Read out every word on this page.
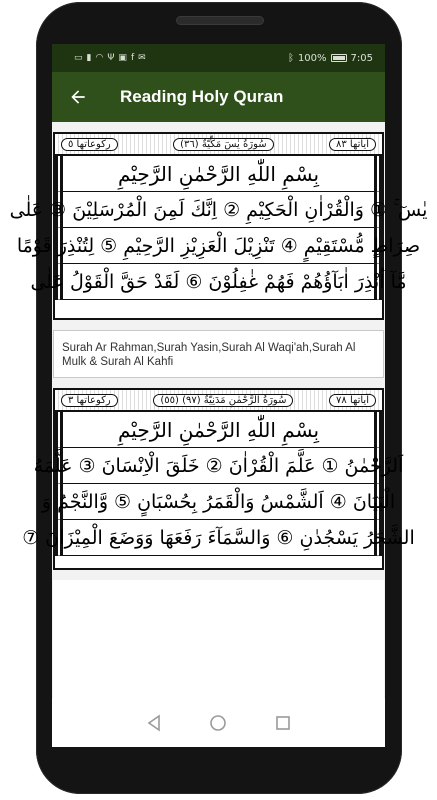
▭ ▮ ◠ Ψ ▣ f ✉	ᛒ 100% 7:05
Reading Holy Quran
ركوعاتها ٥	(٣٦) سُورَةُ يٰسٓ مَكِّيَّةٌ	آياتها ٨٣
بِسْمِ اللّٰهِ الرَّحْمٰنِ الرَّحِيْمِ
يٰسٓ ۚ ① وَالْقُرْاٰنِ الْحَكِيْمِ ② اِنَّكَ لَمِنَ الْمُرْسَلِيْنَ ③ عَلٰى
صِرَاطٍ مُّسْتَقِيْمٍ ④ تَنْزِيْلَ الْعَزِيْزِ الرَّحِيْمِ ⑤ لِتُنْذِرَ قَوْمًا
مَّآ اُنْذِرَ اٰبَآؤُهُمْ فَهُمْ غٰفِلُوْنَ ⑥ لَقَدْ حَقَّ الْقَوْلُ عَلٰى
Surah Ar Rahman,Surah Yasin,Surah Al Waqi'ah,Surah Al Mulk & Surah Al Kahfi
ركوعاتها ٣	(٥٥) سُورَةُ الرَّحْمٰنِ مَدَنِيَّةٌ (٩٧)	آياتها ٧٨
بِسْمِ اللّٰهِ الرَّحْمٰنِ الرَّحِيْمِ
اَلرَّحْمٰنُ ① عَلَّمَ الْقُرْاٰنَ ② خَلَقَ الْاِنْسَانَ ③ عَلَّمَهُ
الْبَيَانَ ④ اَلشَّمْسُ وَالْقَمَرُ بِحُسْبَانٍ ⑤ وَّالنَّجْمُ وَ
الشَّجَرُ يَسْجُدٰنِ ⑥ وَالسَّمَآءَ رَفَعَهَا وَوَضَعَ الْمِيْزَانَ ⑦
